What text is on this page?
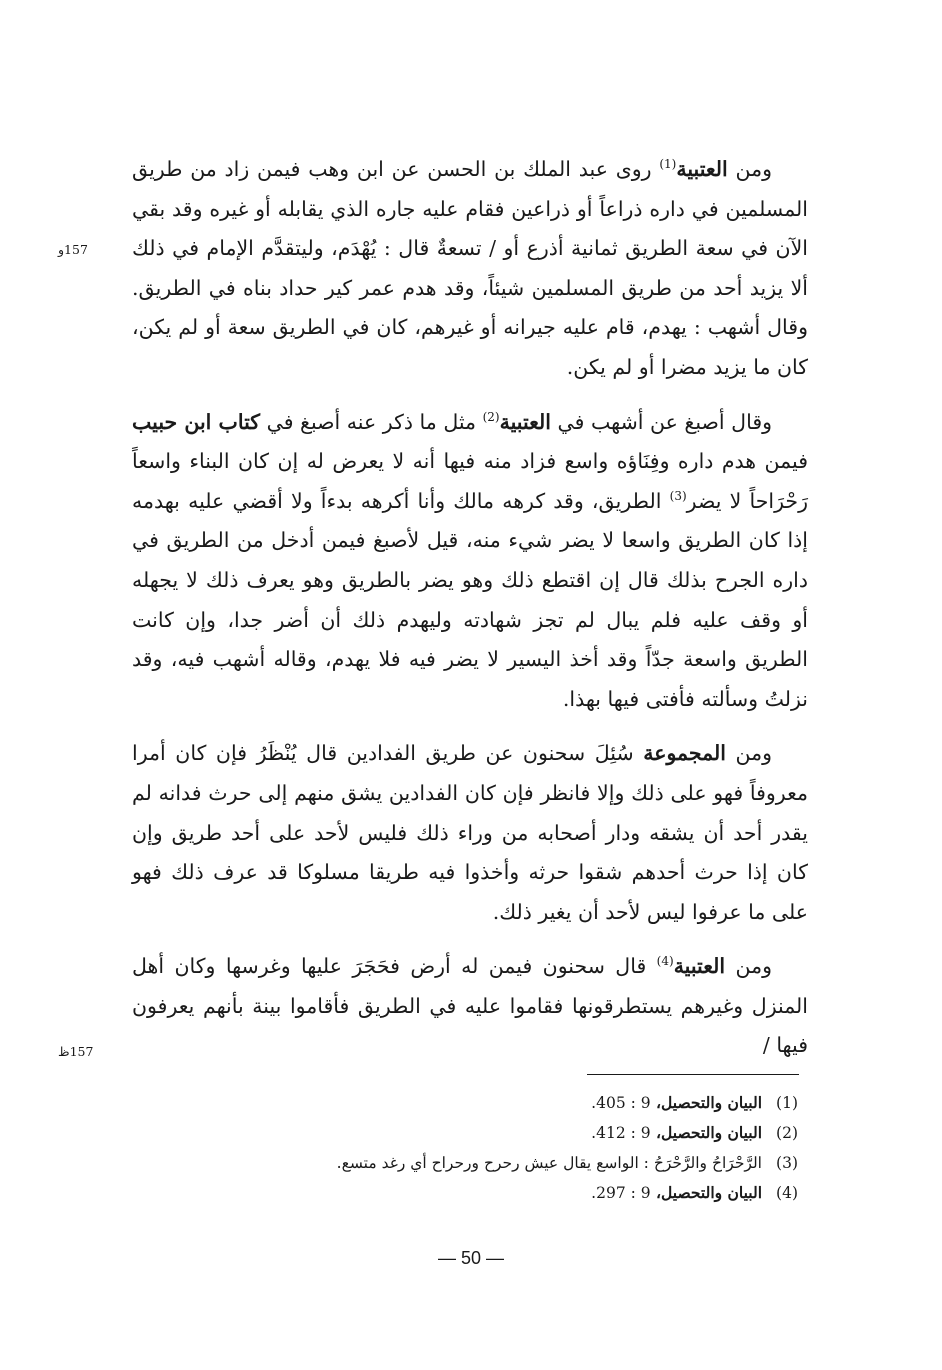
157و
157ظ

ومن العتبية$^{(1)}$ روى عبد الملك بن الحسن عن ابن وهب فيمن زاد من طريق المسلمين في داره ذراعاً أو ذراعين فقام عليه جاره الذي يقابله أو غيره وقد بقي الآن في سعة الطريق ثمانية أذرع أو / تسعةٌ قال : يُهْدَم، وليتقدَّم الإمام في ذلك ألا يزيد أحد من طريق المسلمين شيئاً، وقد هدم عمر كير حداد بناه في الطريق. وقال أشهب : يهدم، قام عليه جيرانه أو غيرهم، كان في الطريق سعة أو لم يكن، كان ما يزيد مضرا أو لم يكن.

وقال أصبغ عن أشهب في العتبية$^{(2)}$ مثل ما ذكر عنه أصبغ في كتاب ابن حبيب فيمن هدم داره وفِنَاؤه واسع فزاد منه فيها أنه لا يعرض له إن كان البناء واسعاً رَحْرَاحاً لا يضر$^{(3)}$ الطريق، وقد كرهه مالك وأنا أكرهه بدءاً ولا أقضي عليه بهدمه إذا كان الطريق واسعا لا يضر شيء منه، قيل لأصبغ فيمن أدخل من الطريق في داره الجرح بذلك قال إن اقتطع ذلك وهو يضر بالطريق وهو يعرف ذلك لا يجهله أو وقف عليه فلم يبال لم تجز شهادته وليهدم ذلك أن أضر جدا، وإن كانت الطريق واسعة جدّاً وقد أخذ اليسير لا يضر فيه فلا يهدم، وقاله أشهب فيه، وقد نزلتُ وسألته فأفتى فيها بهذا.

ومن المجموعة سُئِلَ سحنون عن طريق الفدادين قال يُنْظَرُ فإن كان أمرا معروفاً فهو على ذلك وإلا فانظر فإن كان الفدادين يشق منهم إلى حرث فدانه لم يقدر أحد أن يشقه ودار أصحابه من وراء ذلك فليس لأحد على أحد طريق وإن كان إذا حرث أحدهم شقوا حرثه وأخذوا فيه طريقا مسلوكا قد عرف ذلك فهو على ما عرفوا ليس لأحد أن يغير ذلك.

ومن العتبية$^{(4)}$ قال سحنون فيمن له أرض فحَجَرَ عليها وغرسها وكان أهل المنزل وغيرهم يستطرقونها فقاموا عليه في الطريق فأقاموا بينة بأنهم يعرفون فيها /

(1)
البيان والتحصيل، 9 : 405.
(2)
البيان والتحصيل، 9 : 412.
(3)
الرَّحْرَاحُ والرَّحْرَحُ : الواسع يقال عيش رحرح ورحراح أي رغد متسع.
(4)
البيان والتحصيل، 9 : 297.
— 50 —
